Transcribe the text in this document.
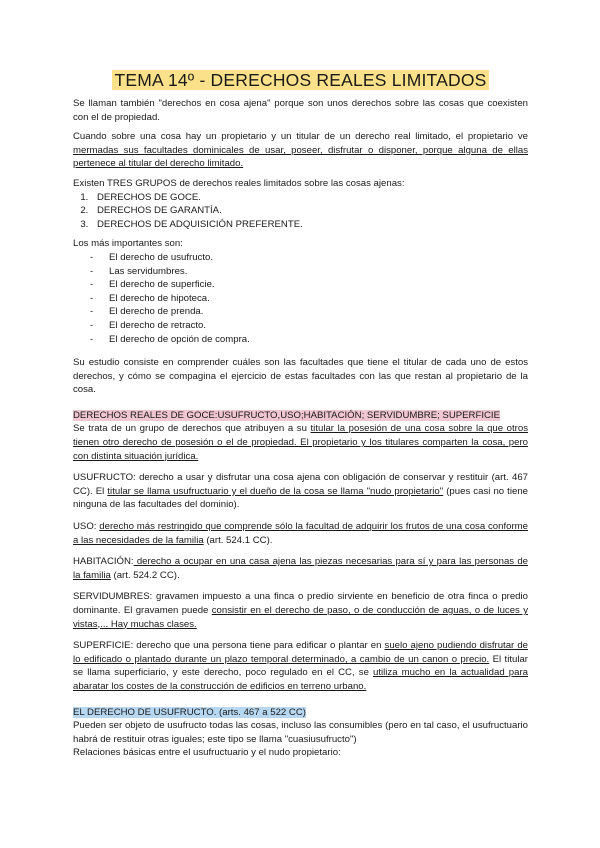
TEMA 14º - DERECHOS REALES LIMITADOS

Se llaman también "derechos en cosa ajena" porque son unos derechos sobre las cosas que coexisten con el de propiedad.

Cuando sobre una cosa hay un propietario y un titular de un derecho real limitado, el propietario ve mermadas sus facultades dominicales de usar, poseer, disfrutar o disponer, porque alguna de ellas pertenece al titular del derecho limitado.

Existen TRES GRUPOS de derechos reales limitados sobre las cosas ajenas:

1. DERECHOS DE GOCE.
2. DERECHOS DE GARANTÍA.
3. DERECHOS DE ADQUISICIÓN PREFERENTE.

Los más importantes son:

- El derecho de usufructo.
- Las servidumbres.
- El derecho de superficie.
- El derecho de hipoteca.
- El derecho de prenda.
- El derecho de retracto.
- El derecho de opción de compra.

Su estudio consiste en comprender cuáles son las facultades que tiene el titular de cada uno de estos derechos, y cómo se compagina el ejercicio de estas facultades con las que restan al propietario de la cosa.

DERECHOS REALES DE GOCE:USUFRUCTO,USO;HABITACIÓN; SERVIDUMBRE; SUPERFICIE

Se trata de un grupo de derechos que atribuyen a su titular la posesión de una cosa sobre la que otros tienen otro derecho de posesión o el de propiedad. El propietario y los titulares comparten la cosa, pero con distinta situación jurídica.

USUFRUCTO: derecho a usar y disfrutar una cosa ajena con obligación de conservar y restituir (art. 467 CC). El titular se llama usufructuario y el dueño de la cosa se llama "nudo propietario" (pues casi no tiene ninguna de las facultades del dominio).

USO: derecho más restringido que comprende sólo la facultad de adquirir los frutos de una cosa conforme a las necesidades de la familia (art. 524.1 CC).

HABITACIÓN: derecho a ocupar en una casa ajena las piezas necesarias para sí y para las personas de la familia (art. 524.2 CC).

SERVIDUMBRES: gravamen impuesto a una finca o predio sirviente en beneficio de otra finca o predio dominante. El gravamen puede consistir en el derecho de paso, o de conducción de aguas, o de luces y vistas,... Hay muchas clases.

SUPERFICIE: derecho que una persona tiene para edificar o plantar en suelo ajeno pudiendo disfrutar de lo edificado o plantado durante un plazo temporal determinado, a cambio de un canon o precio. El titular se llama superficiario, y este derecho, poco regulado en el CC, se utiliza mucho en la actualidad para abaratar los costes de la construcción de edificios en terreno urbano.

EL DERECHO DE USUFRUCTO. (arts. 467 a 522 CC)

Pueden ser objeto de usufructo todas las cosas, incluso las consumibles (pero en tal caso, el usufructuario habrá de restituir otras iguales; este tipo se llama "cuasiusufructo")

Relaciones básicas entre el usufructuario y el nudo propietario:
